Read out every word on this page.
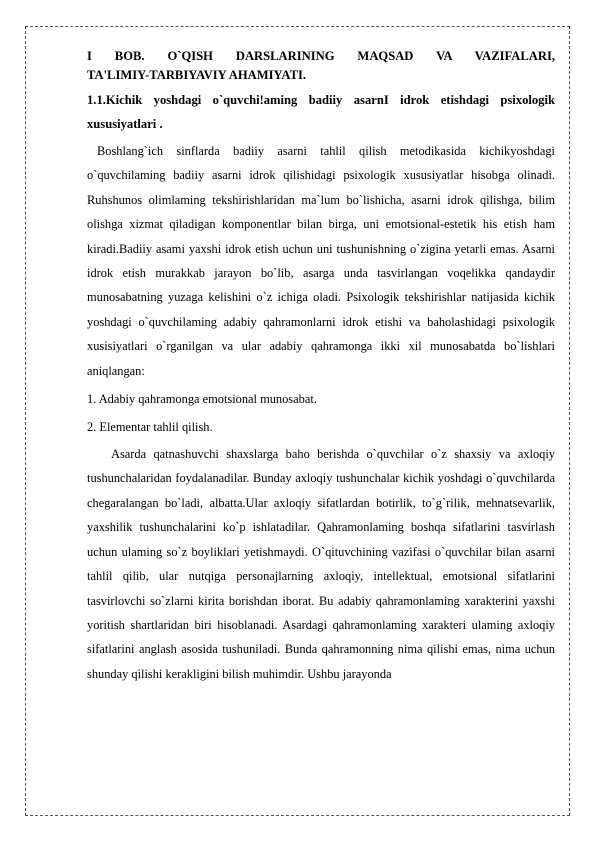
I BOB. O`QISH DARSLARINING MAQSAD VA VAZIFALARI,
TA'LIMIY-TARBIYAVIY AHAMIYATI.

1.1.Kichik yoshdagi o`quvchi!aming badiiy asarnI idrok etishdagi psixologik xususiyatlari .

Boshlang`ich sinflarda badiiy asarni tahlil qilish metodikasida kichikyoshdagi o`quvchilaming badiiy asarni idrok qilishidagi psixologik xususiyatlar hisobga olinadi. Ruhshunos olimlaming tekshirishlaridan ma`lum bo`lishicha, asarni idrok qilishga, bilim olishga xizmat qiladigan komponentlar bilan birga, uni emotsional-estetik his etish ham kiradi.Badiiy asami yaxshi idrok etish uchun uni tushunishning o`zigina yetarli emas. Asarni idrok etish murakkab jarayon bo`lib, asarga unda tasvirlangan voqelikka qandaydir munosabatning yuzaga kelishini o`z ichiga oladi. Psixologik tekshirishlar natijasida kichik yoshdagi o`quvchilaming adabiy qahramonlarni idrok etishi va baholashidagi psixologik xusisiyatlari o`rganilgan va ular adabiy qahramonga ikki xil munosabatda bo`lishlari aniqlangan:

1. Adabiy qahramonga emotsional munosabat.

2. Elementar tahlil qilish.

Asarda qatnashuvchi shaxslarga baho berishda o`quvchilar o`z shaxsiy va axloqiy tushunchalaridan foydalanadilar. Bunday axloqiy tushunchalar kichik yoshdagi o`quvchilarda chegaralangan bo`ladi, albatta.Ular axloqiy sifatlardan botirlik, to`g`rilik, mehnatsevarlik, yaxshilik tushunchalarini ko`p ishlatadilar. Qahramonlaming boshqa sifatlarini tasvirlash uchun ulaming so`z boyliklari yetishmaydi. O`qituvchining vazifasi o`quvchilar bilan asarni tahlil qilib, ular nutqiga personajlarning axloqiy, intellektual, emotsional sifatlarini tasvirlovchi so`zlarni kirita borishdan iborat. Bu adabiy qahramonlaming xarakterini yaxshi yoritish shartlaridan biri hisoblanadi. Asardagi qahramonlaming xarakteri ulaming axloqiy sifatlarini anglash asosida tushuniladi. Bunda qahramonning nima qilishi emas, nima uchun shunday qilishi kerakligini bilish muhimdir. Ushbu jarayonda
